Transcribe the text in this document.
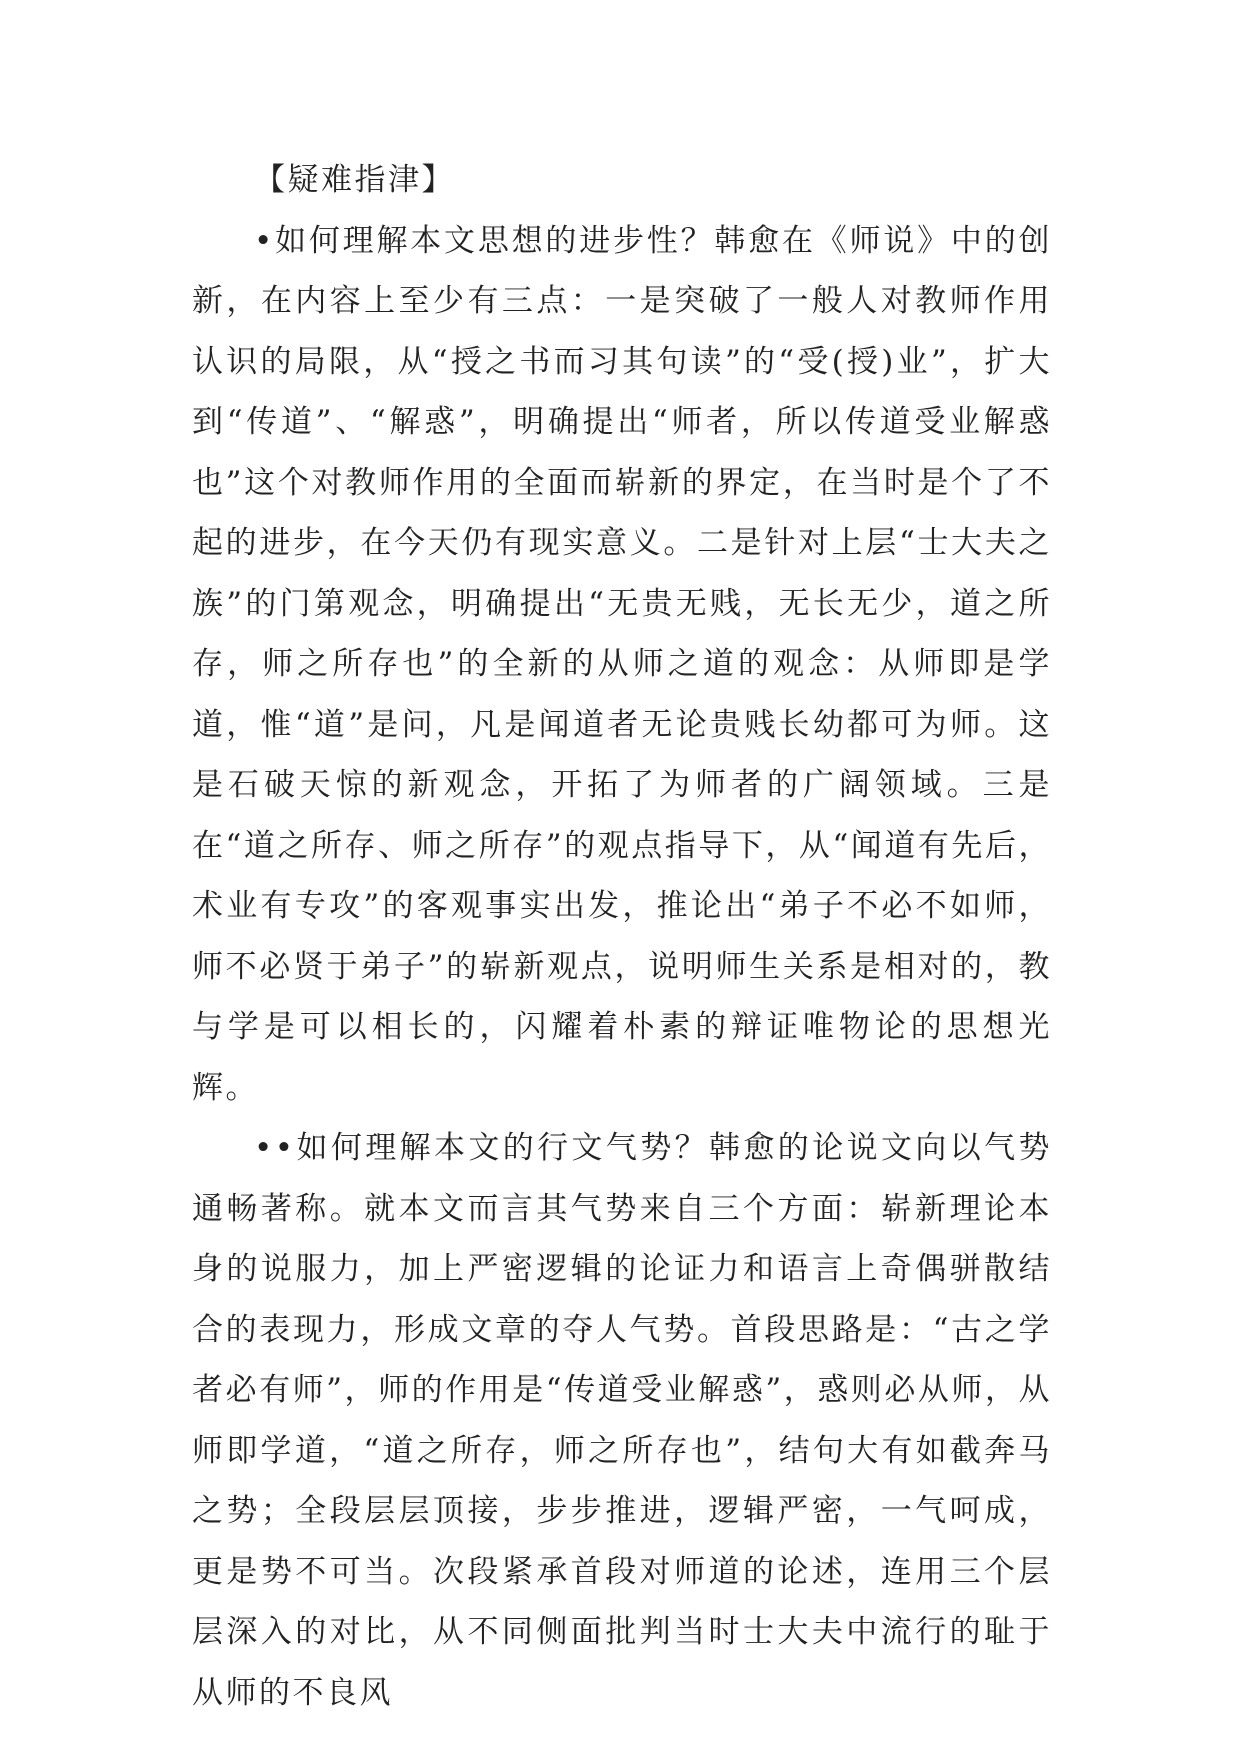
【疑难指津】

•如何理解本文思想的进步性？韩愈在《师说》中的创新，在内容上至少有三点：一是突破了一般人对教师作用认识的局限，从“授之书而习其句读”的“受(授)业”，扩大到“传道”、“解惑”，明确提出“师者，所以传道受业解惑也”这个对教师作用的全面而崭新的界定，在当时是个了不起的进步，在今天仍有现实意义。二是针对上层“士大夫之族”的门第观念，明确提出“无贵无贱，无长无少，道之所存，师之所存也”的全新的从师之道的观念：从师即是学道，惟“道”是问，凡是闻道者无论贵贱长幼都可为师。这是石破天惊的新观念，开拓了为师者的广阔领域。三是在“道之所存、师之所存”的观点指导下，从“闻道有先后，术业有专攻”的客观事实出发，推论出“弟子不必不如师，师不必贤于弟子”的崭新观点，说明师生关系是相对的，教与学是可以相长的，闪耀着朴素的辩证唯物论的思想光辉。

••如何理解本文的行文气势？韩愈的论说文向以气势通畅著称。就本文而言其气势来自三个方面：崭新理论本身的说服力，加上严密逻辑的论证力和语言上奇偶骈散结合的表现力，形成文章的夺人气势。首段思路是：“古之学者必有师”，师的作用是“传道受业解惑”，惑则必从师，从师即学道，“道之所存，师之所存也”，结句大有如截奔马之势；全段层层顶接，步步推进，逻辑严密，一气呵成，更是势不可当。次段紧承首段对师道的论述，连用三个层层深入的对比，从不同侧面批判当时士大夫中流行的耻于从师的不良风
